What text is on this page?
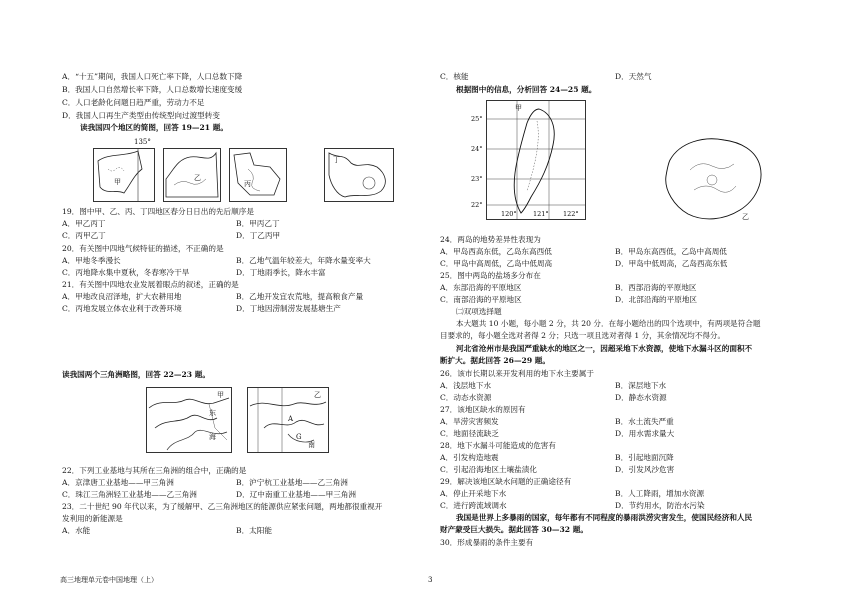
A．“十五”期间，我国人口死亡率下降，人口总数下降
B．我国人口自然增长率下降，人口总数增长速度变缓
C．人口老龄化问题日趋严重，劳动力不足
D．我国人口再生产类型由传统型向过渡型转变
读我国四个地区的简图，回答 19—21 题。
135°
甲	乙
丙
丁
19．图中甲、乙、丙、丁四地区春分日日出的先后顺序是
A．甲乙丙丁	B．甲丙乙丁
C．丙甲乙丁	D．丁乙丙甲
20．有关图中四地气候特征的描述，不正确的是
A．甲地冬季漫长	B．乙地气温年较差大，年降水量变率大
C．丙地降水集中夏秋，冬春寒冷干旱	D．丁地雨季长，降水丰富
21．有关图中四地农业发展着眼点的叙述，正确的是
A．甲地改良沼泽地，扩大农耕用地	B．乙地开发宜农荒地，提高粮食产量
C．丙地发展立体农业利于改善环境	D．丁地因涝制涝发展基塘生产
读我国两个三角洲略图，回答 22—23 题。
甲
东
海
乙
A
G
南
22．下列工业基地与其所在三角洲的组合中，正确的是
A．京津唐工业基地——甲三角洲	B．沪宁杭工业基地——乙三角洲
C．珠江三角洲轻工业基地——乙三角洲	D．辽中南重工业基地——甲三角洲
23．二十世纪 90 年代以来，为了缓解甲、乙三角洲地区的能源供应紧张问题，两地都很重视开
发利用的新能源是
A．水能	B．太阳能
高三地理单元卷中国地理（上）	3
C．核能	D．天然气
根据图中的信息，分析回答 24—25 题。
甲
25°
24°
23°
22°
120°	121° 122°	乙
24．两岛的地势差异性表现为
A．甲岛西高东低，乙岛东高西低	B．甲岛东高西低，乙岛中高周低
C．甲岛中高周低，乙岛中低周高	D．甲岛中低周高，乙岛西高东低
25．图中两岛的盐场多分布在
A．东部沿海的平原地区	B．西部沿海的平原地区
C．南部沿海的平原地区	D．北部沿海的平原地区
㈡双项选择题
本大题共 10 小题，每小题 2 分，共 20 分．在每小题给出的四个选项中，有两项是符合题
目要求的，每小题全选对者得 2 分；只选一项且选对者得 1 分，其余情况均不得分。
河北省沧州市是我国严重缺水的地区之一，因超采地下水资源，使地下水漏斗区的面积不
断扩大。据此回答 26—29 题。
26．该市长期以来开发利用的地下水主要属于
A．浅层地下水	B．深层地下水
C．动态水资源	D．静态水资源
27．该地区缺水的原因有
A．旱涝灾害频发	B．水土流失严重
C．地面径流缺乏	D．用水需求量大
28．地下水漏斗可能造成的危害有
A．引发构造地震	B．引起地面沉降
C．引起沿海地区土壤盐渍化	D．引发风沙危害
29．解决该地区缺水问题的正确途径有
A．停止开采地下水	B．人工降雨，增加水资源
C．进行跨流域调水	D．节约用水，防治水污染
我国是世界上多暴雨的国家，每年都有不同程度的暴雨洪涝灾害发生，使国民经济和人民
财产蒙受巨大损失。据此回答 30—32 题。
30．形成暴雨的条件主要有
